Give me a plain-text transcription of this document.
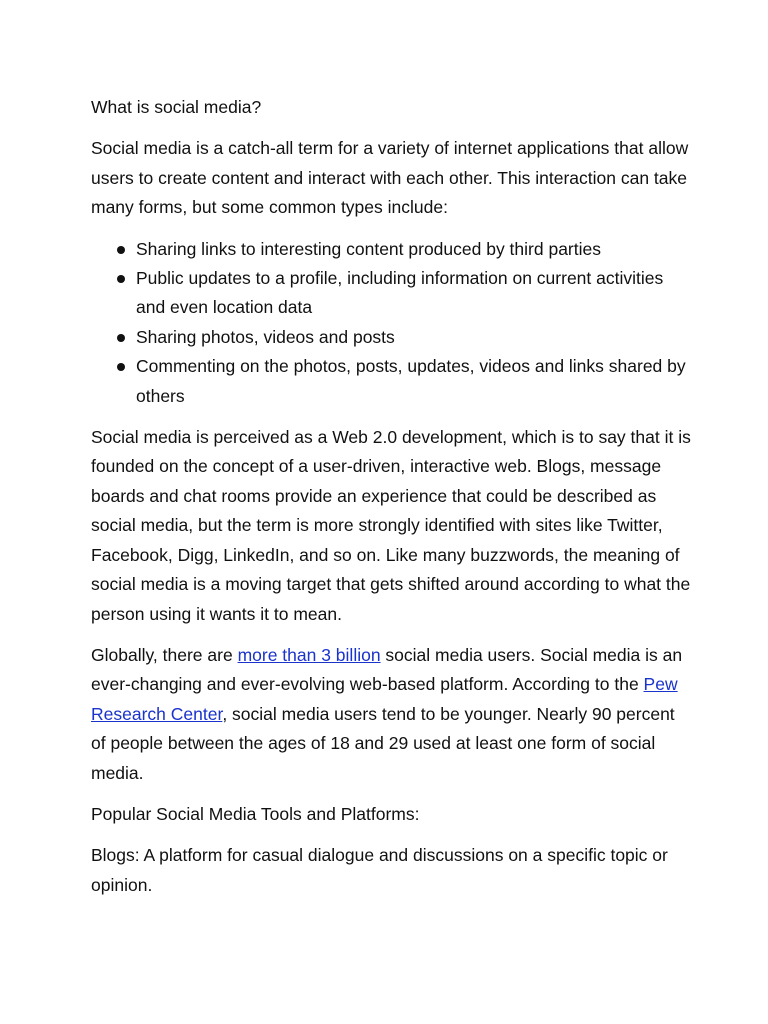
What is social media?

Social media is a catch-all term for a variety of internet applications that allow users to create content and interact with each other. This interaction can take many forms, but some common types include:

Sharing links to interesting content produced by third parties
Public updates to a profile, including information on current activities and even location data
Sharing photos, videos and posts
Commenting on the photos, posts, updates, videos and links shared by others

Social media is perceived as a Web 2.0 development, which is to say that it is founded on the concept of a user-driven, interactive web. Blogs, message boards and chat rooms provide an experience that could be described as social media, but the term is more strongly identified with sites like Twitter, Facebook, Digg, LinkedIn, and so on. Like many buzzwords, the meaning of social media is a moving target that gets shifted around according to what the person using it wants it to mean.

Globally, there are more than 3 billion social media users. Social media is an ever-changing and ever-evolving web-based platform. According to the Pew Research Center, social media users tend to be younger. Nearly 90 percent of people between the ages of 18 and 29 used at least one form of social media.

Popular Social Media Tools and Platforms:

Blogs: A platform for casual dialogue and discussions on a specific topic or opinion.
